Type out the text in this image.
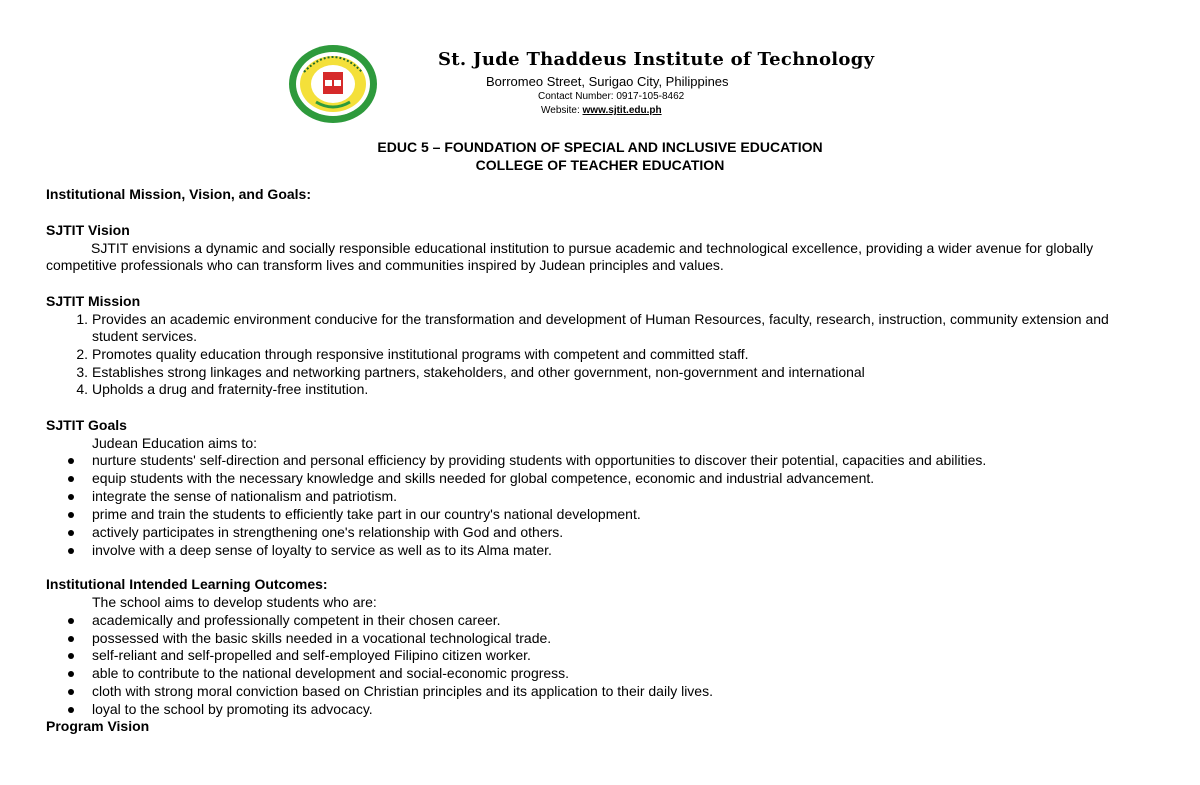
St. Jude Thaddeus Institute of Technology
Borromeo Street, Surigao City, Philippines
Contact Number: 0917-105-8462
Website: www.sjtit.edu.ph
EDUC 5 – FOUNDATION OF SPECIAL AND INCLUSIVE EDUCATION
COLLEGE OF TEACHER EDUCATION
Institutional Mission, Vision, and Goals:
SJTIT Vision
SJTIT envisions a dynamic and socially responsible educational institution to pursue academic and technological excellence, providing a wider avenue for globally competitive professionals who can transform lives and communities inspired by Judean principles and values.
SJTIT Mission
1. Provides an academic environment conducive for the transformation and development of Human Resources, faculty, research, instruction, community extension and student services.
2. Promotes quality education through responsive institutional programs with competent and committed staff.
3. Establishes strong linkages and networking partners, stakeholders, and other government, non-government and international
4. Upholds a drug and fraternity-free institution.
SJTIT Goals
Judean Education aims to:
nurture students' self-direction and personal efficiency by providing students with opportunities to discover their potential, capacities and abilities.
equip students with the necessary knowledge and skills needed for global competence, economic and industrial advancement.
integrate the sense of nationalism and patriotism.
prime and train the students to efficiently take part in our country's national development.
actively participates in strengthening one's relationship with God and others.
involve with a deep sense of loyalty to service as well as to its Alma mater.
Institutional Intended Learning Outcomes:
The school aims to develop students who are:
academically and professionally competent in their chosen career.
possessed with the basic skills needed in a vocational technological trade.
self-reliant and self-propelled and self-employed Filipino citizen worker.
able to contribute to the national development and social-economic progress.
cloth with strong moral conviction based on Christian principles and its application to their daily lives.
loyal to the school by promoting its advocacy.
Program Vision
